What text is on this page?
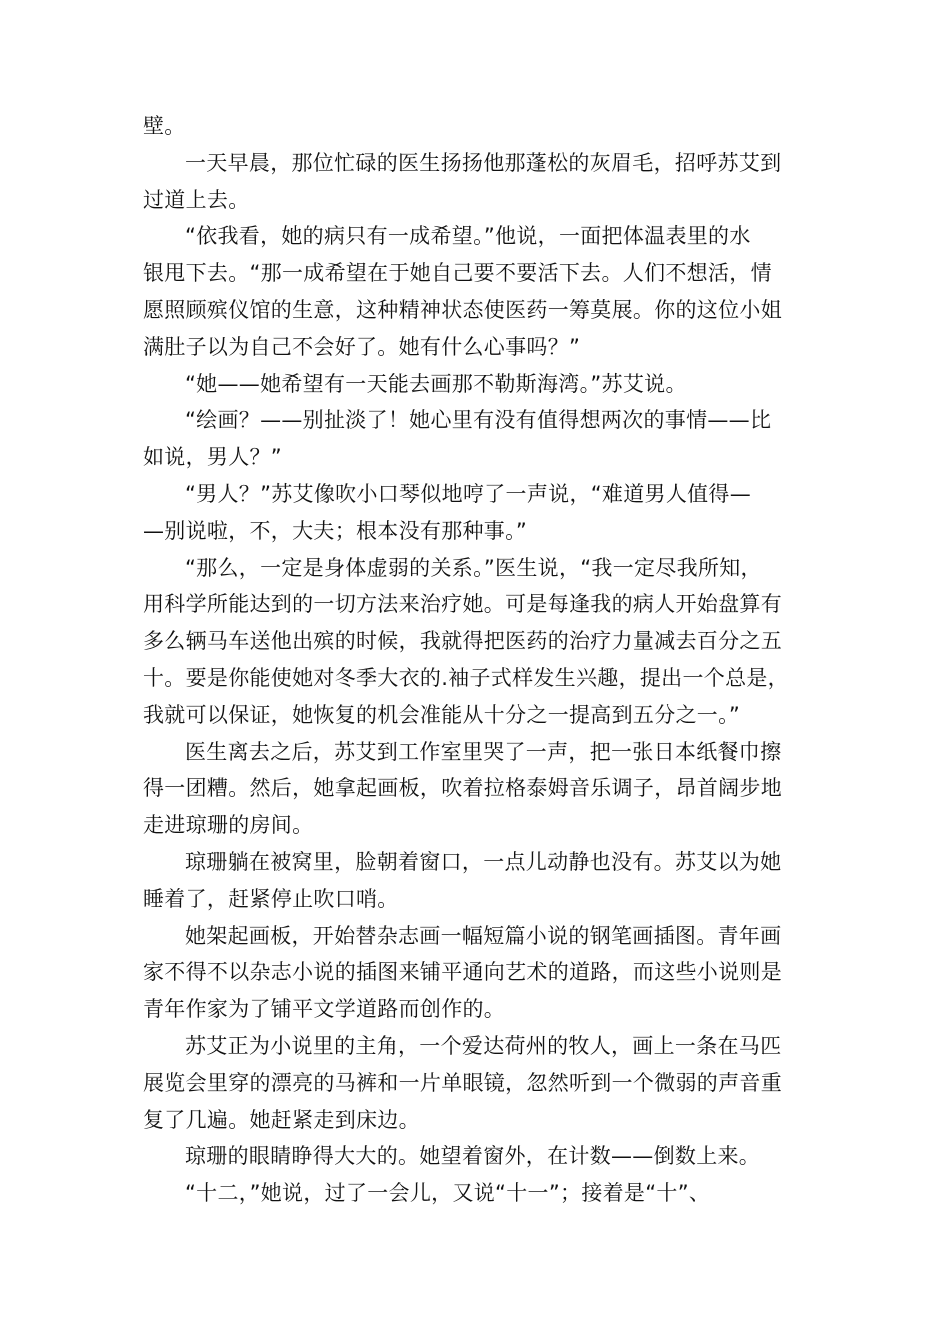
壁。
一天早晨，那位忙碌的医生扬扬他那蓬松的灰眉毛，招呼苏艾到
过道上去。
“依我看，她的病只有一成希望。”他说，一面把体温表里的水
银甩下去。“那一成希望在于她自己要不要活下去。人们不想活，情
愿照顾殡仪馆的生意，这种精神状态使医药一筹莫展。你的这位小姐
满肚子以为自己不会好了。她有什么心事吗？”
“她——她希望有一天能去画那不勒斯海湾。”苏艾说。
“绘画？——别扯淡了！她心里有没有值得想两次的事情——比
如说，男人？”
“男人？”苏艾像吹小口琴似地哼了一声说，“难道男人值得—
—别说啦，不，大夫；根本没有那种事。”
“那么，一定是身体虚弱的关系。”医生说，“我一定尽我所知，
用科学所能达到的一切方法来治疗她。可是每逢我的病人开始盘算有
多么辆马车送他出殡的时候，我就得把医药的治疗力量减去百分之五
十。要是你能使她对冬季大衣的.袖子式样发生兴趣，提出一个总是，
我就可以保证，她恢复的机会准能从十分之一提高到五分之一。”
医生离去之后，苏艾到工作室里哭了一声，把一张日本纸餐巾擦
得一团糟。然后，她拿起画板，吹着拉格泰姆音乐调子，昂首阔步地
走进琼珊的房间。
琼珊躺在被窝里，脸朝着窗口，一点儿动静也没有。苏艾以为她
睡着了，赶紧停止吹口哨。
她架起画板，开始替杂志画一幅短篇小说的钢笔画插图。青年画
家不得不以杂志小说的插图来铺平通向艺术的道路，而这些小说则是
青年作家为了铺平文学道路而创作的。
苏艾正为小说里的主角，一个爱达荷州的牧人，画上一条在马匹
展览会里穿的漂亮的马裤和一片单眼镜，忽然听到一个微弱的声音重
复了几遍。她赶紧走到床边。
琼珊的眼睛睁得大大的。她望着窗外，在计数——倒数上来。
“十二，”她说，过了一会儿，又说“十一”；接着是“十”、
